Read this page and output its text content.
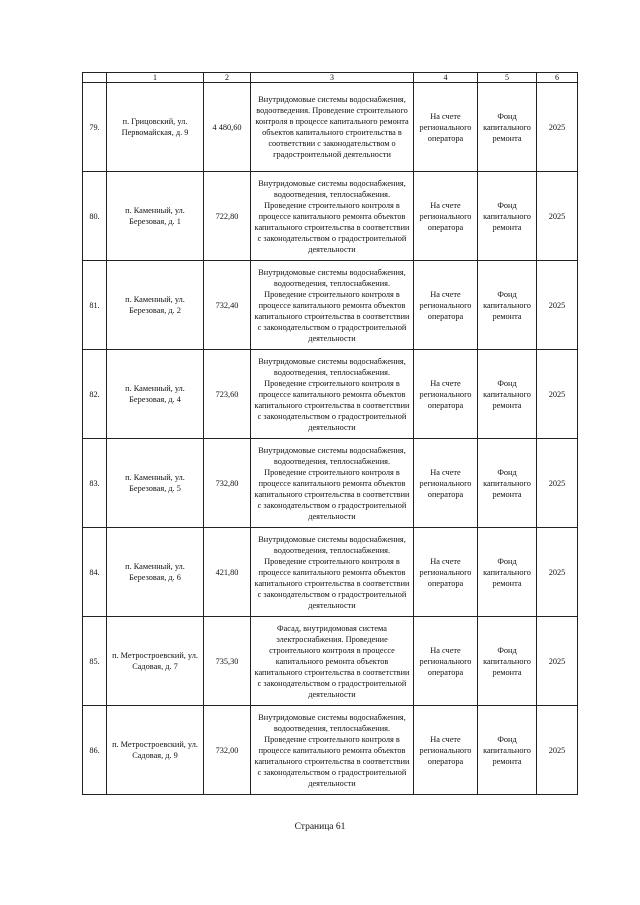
	1	2	3	4	5	6
79.	п. Грицовский, ул. Первомайская, д. 9	4 480,60	Внутридомовые системы водоснабжения, водоотведения. Проведение строительного контроля в процессе капитального ремонта объектов капитального строительства в соответствии с законодательством о градостроительной деятельности	На счете регионального оператора	Фонд капитального ремонта	2025
80.	п. Каменный, ул. Березовая, д. 1	722,80	Внутридомовые системы водоснабжения, водоотведения, теплоснабжения. Проведение строительного контроля в процессе капитального ремонта объектов капитального строительства в соответствии с законодательством о градостроительной деятельности	На счете регионального оператора	Фонд капитального ремонта	2025
81.	п. Каменный, ул. Березовая, д. 2	732,40	Внутридомовые системы водоснабжения, водоотведения, теплоснабжения. Проведение строительного контроля в процессе капитального ремонта объектов капитального строительства в соответствии с законодательством о градостроительной деятельности	На счете регионального оператора	Фонд капитального ремонта	2025
82.	п. Каменный, ул. Березовая, д. 4	723,60	Внутридомовые системы водоснабжения, водоотведения, теплоснабжения. Проведение строительного контроля в процессе капитального ремонта объектов капитального строительства в соответствии с законодательством о градостроительной деятельности	На счете регионального оператора	Фонд капитального ремонта	2025
83.	п. Каменный, ул. Березовая, д. 5	732,80	Внутридомовые системы водоснабжения, водоотведения, теплоснабжения. Проведение строительного контроля в процессе капитального ремонта объектов капитального строительства в соответствии с законодательством о градостроительной деятельности	На счете регионального оператора	Фонд капитального ремонта	2025
84.	п. Каменный, ул. Березовая, д. 6	421,80	Внутридомовые системы водоснабжения, водоотведения, теплоснабжения. Проведение строительного контроля в процессе капитального ремонта объектов капитального строительства в соответствии с законодательством о градостроительной деятельности	На счете регионального оператора	Фонд капитального ремонта	2025
85.	п. Метростроевский, ул. Садовая, д. 7	735,30	Фасад, внутридомовая система электроснабжения. Проведение строительного контроля в процессе капитального ремонта объектов капитального строительства в соответствии с законодательством о градостроительной деятельности	На счете регионального оператора	Фонд капитального ремонта	2025
86.	п. Метростроевский, ул. Садовая, д. 9	732,00	Внутридомовые системы водоснабжения, водоотведения, теплоснабжения. Проведение строительного контроля в процессе капитального ремонта объектов капитального строительства в соответствии с законодательством о градостроительной деятельности	На счете регионального оператора	Фонд капитального ремонта	2025
Страница 61
